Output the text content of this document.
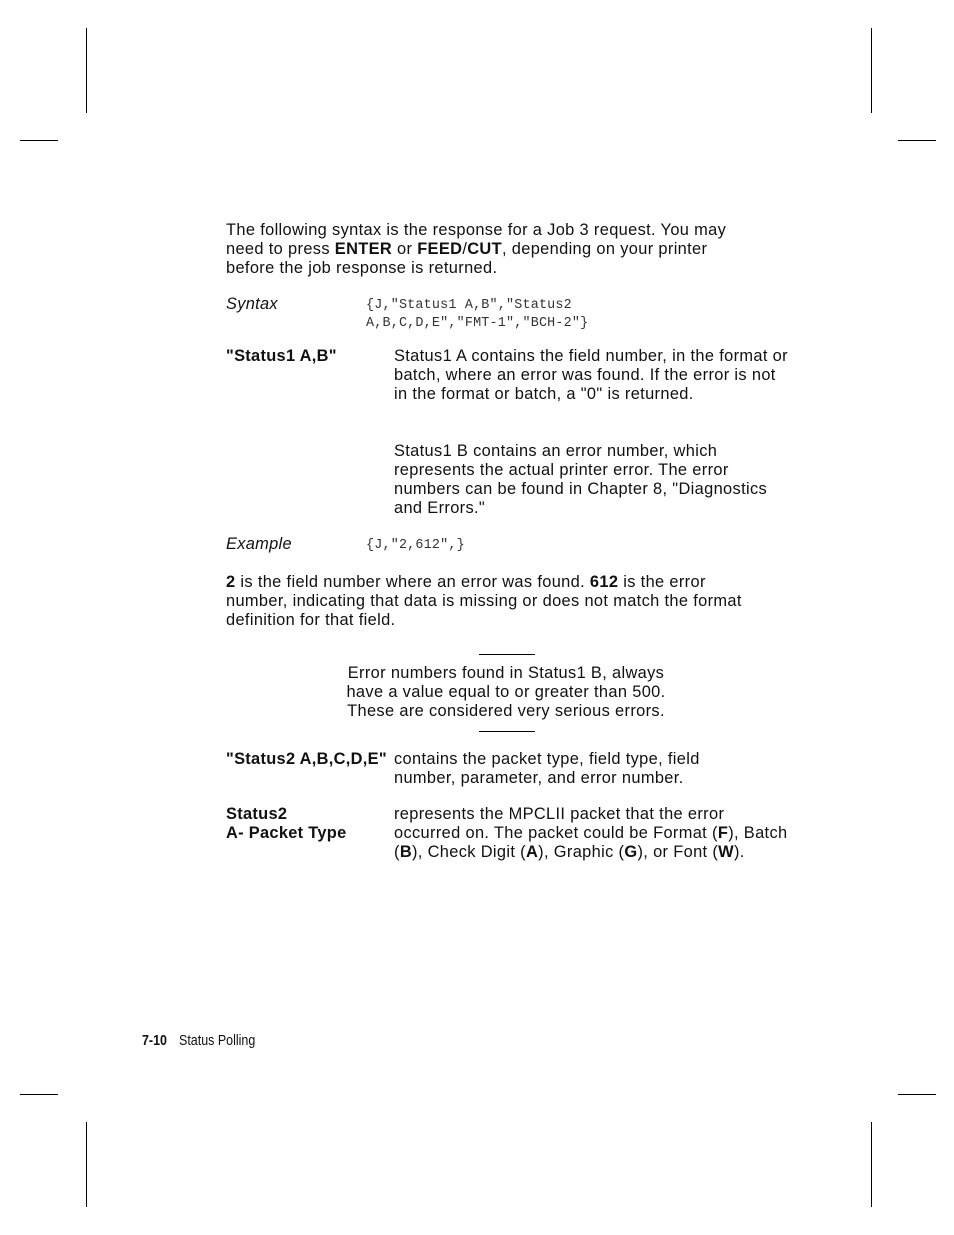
The following syntax is the response for a Job 3 request. You may need to press ENTER or FEED/CUT, depending on your printer before the job response is returned.

Syntax	{J,"Status1 A,B","Status2
A,B,C,D,E","FMT-1","BCH-2"}
"Status1 A,B"	Status1 A contains the field number, in the format or batch, where an error was found. If the error is not in the format or batch, a "0" is returned.

Status1 B contains an error number, which represents the actual printer error. The error numbers can be found in Chapter 8, "Diagnostics and Errors."

Example	{J,"2,612",}

2 is the field number where an error was found. 612 is the error number, indicating that data is missing or does not match the format definition for that field.

Error numbers found in Status1 B, always
have a value equal to or greater than 500.
These are considered very serious errors.
"Status2 A,B,C,D,E" contains the packet type, field type, field number, parameter, and error number.

Status2
A- Packet Type

represents the MPCLII packet that the error occurred on. The packet could be Format (F), Batch (B), Check Digit (A), Graphic (G), or Font (W).

7-10 Status Polling
